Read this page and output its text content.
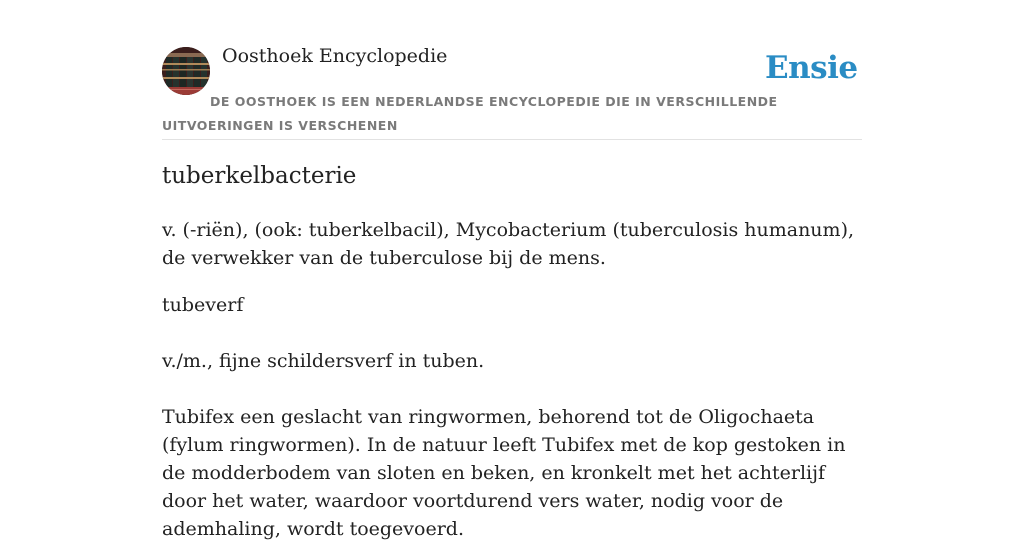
Oosthoek Encyclopedie	Ensie
DE OOSTHOEK IS EEN NEDERLANDSE ENCYCLOPEDIE DIE IN VERSCHILLENDE UITVOERINGEN IS VERSCHENEN
tuberkelbacterie

v. (-riën), (ook: tuberkelbacil), Mycobacterium (tuberculosis humanum), de verwekker van de tuberculose bij de mens.

tubeverf

v./m., fijne schildersverf in tuben.

Tubifex een geslacht van ringwormen, behorend tot de Oligochaeta (fylum ringwormen). In de natuur leeft Tubifex met de kop gestoken in de modderbodem van sloten en beken, en kronkelt met het achterlijf door het water, waardoor voortdurend vers water, nodig voor de ademhaling, wordt toegevoerd.
